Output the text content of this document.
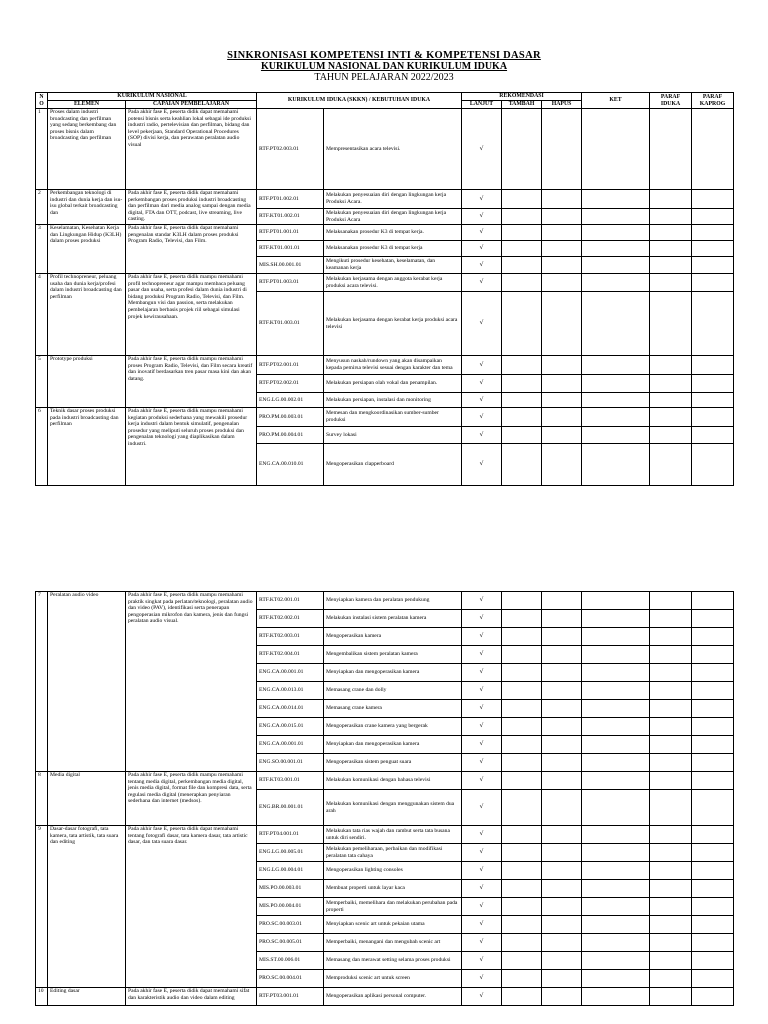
SINKRONISASI KOMPETENSI INTI & KOMPETENSI DASAR
KURIKULUM NASIONAL DAN KURIKULUM IDUKA
TAHUN PELAJARAN 2022/2023
NO	KURIKULUM NASIONAL		KURIKULUM IDUKA (SKKN) / KEBUTUHAN IDUKA		REKOMENDASI			KET	PARAF IDUKA	PARAF KAPROG
	ELEMEN	CAPAIAN PEMBELAJARAN			LANJUT	TAMBAH	HAPUS			
1	Proses dalam industri broadcasting dan perfilman yang sedang berkembang dan proses bisnis dalam broadcasting dan perfilman	Pada akhir fase E, peserta didik dapat memahami potensi bisnis serta keahlian lokal sebagai ide produksi industri radio, pertelevisian dan perfilman, bidang dan level pekerjaan, Standard Operational Procedures (SOP) divisi kerja, dan perawatan peralatan audio visual	RTF.PT02.003.01	Mempresentasikan acara televisi.	√					
2	Perkembangan teknologi di industri dan dunia kerja dan isu-isu global terkait broadcasting dan	Pada akhir fase E, peserta didik dapat memahami perkembangan proses produksi industri broadcasting dan perfilman dari media analog sampai dengan media digital, FTA dan OTT, podcast, live streaming, live casting.	RTF.PT01.002.01	Melakukan penyesuaian diri dengan lingkungan kerja Produksi Acara.	√					
			RTF.KT01.002.01	Melakukan penyesuaian diri dengan lingkungan kerja Produksi Acara	√					
3	Keselamatan, Kesehatan Kerja dan Lingkungan Hidup (K3LH) dalam proses produksi	Pada akhir fase E, peserta didik dapat memahami pengenalan standar K3LH dalam proses produksi Program Radio, Televisi, dan Film.	RTF.PT01.001.01	Melaksanakan prosedur K3 di tempat kerja.	√					
			RTF.KT01.001.01	Melaksanakan prosedur K3 di tempat kerja	√					
			MIS.SH.00.001.01	Mengikuti prosedur kesehatan, keselamatan, dan keamanan kerja	√					
4	Profil technopreneur, peluang usaha dan dunia kerja/profesi dalam industri broadcasting dan perfilman	Pada akhir fase E, peserta didik mampu memahami profil technopreneur agar mampu membaca peluang pasar dan usaha, serta profesi dalam dunia industri di bidang produksi Program Radio, Televisi, dan Film. Membangun visi dan passion, serta melakukan pembelajaran berbasis projek riil sebagai simulasi projek kewirausahaan.	RTF.PT01.003.01	Melakukan kerjasama dengan anggota kerabat kerja produksi acara televisi.	√					
			RTF.KT01.003.01	Melakukan kerjasama dengan kerabat kerja produksi acara televisi	√					
5	Prototype produksi	Pada akhir fase E, peserta didik mampu memahami proses Program Radio, Televisi, dan Film secara kreatif dan inovatif berdasarkan tren pasar masa kini dan akan datang.	RTF.PT02.001.01	Menyusun naskah/rundown yang akan disampaikan kepada pemirsa televisi sesuai dengan karakter dan tema	√					
			RTF.PT02.002.01	Melakukan persiapan olah vokal dan penampilan.	√					
			ENG.LG.00.002.01	Melakukan persiapan, instalasi dan monitoring	√					
6	Teknik dasar proses produksi pada industri broadcasting dan perfilman	Pada akhir fase E, peserta didik mampu memahami kegiatan produksi sederhana yang mewakili prosedur kerja industri dalam bentuk simulatif, pengenalan prosedur yang meliputi seluruh proses produksi dan pengenalan teknologi yang diaplikasikan dalam industri.	PRO.PM.00.003.01	Memesan dan mengkoordinasikan sumber-sumber produksi	√					
			PRO.PM.00.004.01	Survey lokasi	√					
			ENG.CA.00.010.01	Mengoperasikan clapperboard	√					
7	Peralatan audio video	Pada akhir fase E, peserta didik mampu memahami praktik singkat pada perlatan/teknologi, peralatan audio dan video (PAV), identifikasi serta penerapan pengoperasian mikrofon dan kamera, jenis dan fungsi peralatan audio visual.	RTF.KT02.001.01	Menyiapkan kamera dan peralatan pendukung	√					
			RTF.KT02.002.01	Melakukan instalasi sistem peralatan kamera	√					
			RTF.KT02.003.01	Mengoperasikan kamera	√					
			RTF.KT02.004.01	Mengembalikan sistem peralatan kamera	√					
			ENG.CA.00.001.01	Menyiapkan dan mengoperasikan kamera	√					
			ENG.CA.00.013.01	Memasang crane dan dolly	√					
			ENG.CA.00.014.01	Memasang crane kamera	√					
			ENG.CA.00.015.01	Mengoperasikan crane kamera yang bergerak	√					
			ENG.CA.00.001.01	Menyiapkan dan mengoperasikan kamera	√					
			ENG.SO.00.001.01	Mengoperasikan sistem penguat suara	√					
8	Media digital	Pada akhir fase E, peserta didik mampu memahami tentang media digital, perkembangan media digital, jenis media digital, format file dan kompresi data, serta regulasi media digital (menerapkan penyiaran sederhana dan internet (medsos).	RTF.KT03.001.01	Melakukan komunikasi dengan bahasa televisi	√					
			ENG.BR.00.001.01	Melakukan komunikasi dengan menggunakan sistem dua arah	√					
9	Dasar-dasar fotografi, tata kamera, tata artistik, tata suara dan editing	Pada akhir fase E, peserta didik dapat memahami tentang fotografi dasar, tata kamera dasar, tata artistic dasar, dan tata suara dasar.	RTF.PT04.001.01	Melakukan tata rias wajah dan rambut serta tata busana untuk diri sendiri.	√					
			ENG.LG.00.005.01	Melakukan pemeliharaan, perbaikan dan modifikasi peralatan tata cahaya	√					
			ENG.LG.00.004.01	Mengoperasikan lighting consoles	√					
			MIS.PO.00.003.01	Membuat properti untuk layar kaca	√					
			MIS.PO.00.004.01	Memperbaiki, memelihara dan melakukan perubahan pada properti	√					
			PRO.SC.00.003.01	Menyiapkan scenic art untuk pekaian utama	√					
			PRO.SC.00.005.01	Memperbaiki, menangani dan mengubah scenic art	√					
			MIS.ST.00.006.01	Memasang dan merawat setting selama proses produksi	√					
			PRO.SC.00.004.01	Memproduksi scenic art untuk screen	√					
10	Editing dasar	Pada akhir fase E, peserta didik dapat memahami sifat dan karakteristik audio dan video dalam editing	RTF.PT03.001.01	Mengoperasikan aplikasi personal computer.	√					
